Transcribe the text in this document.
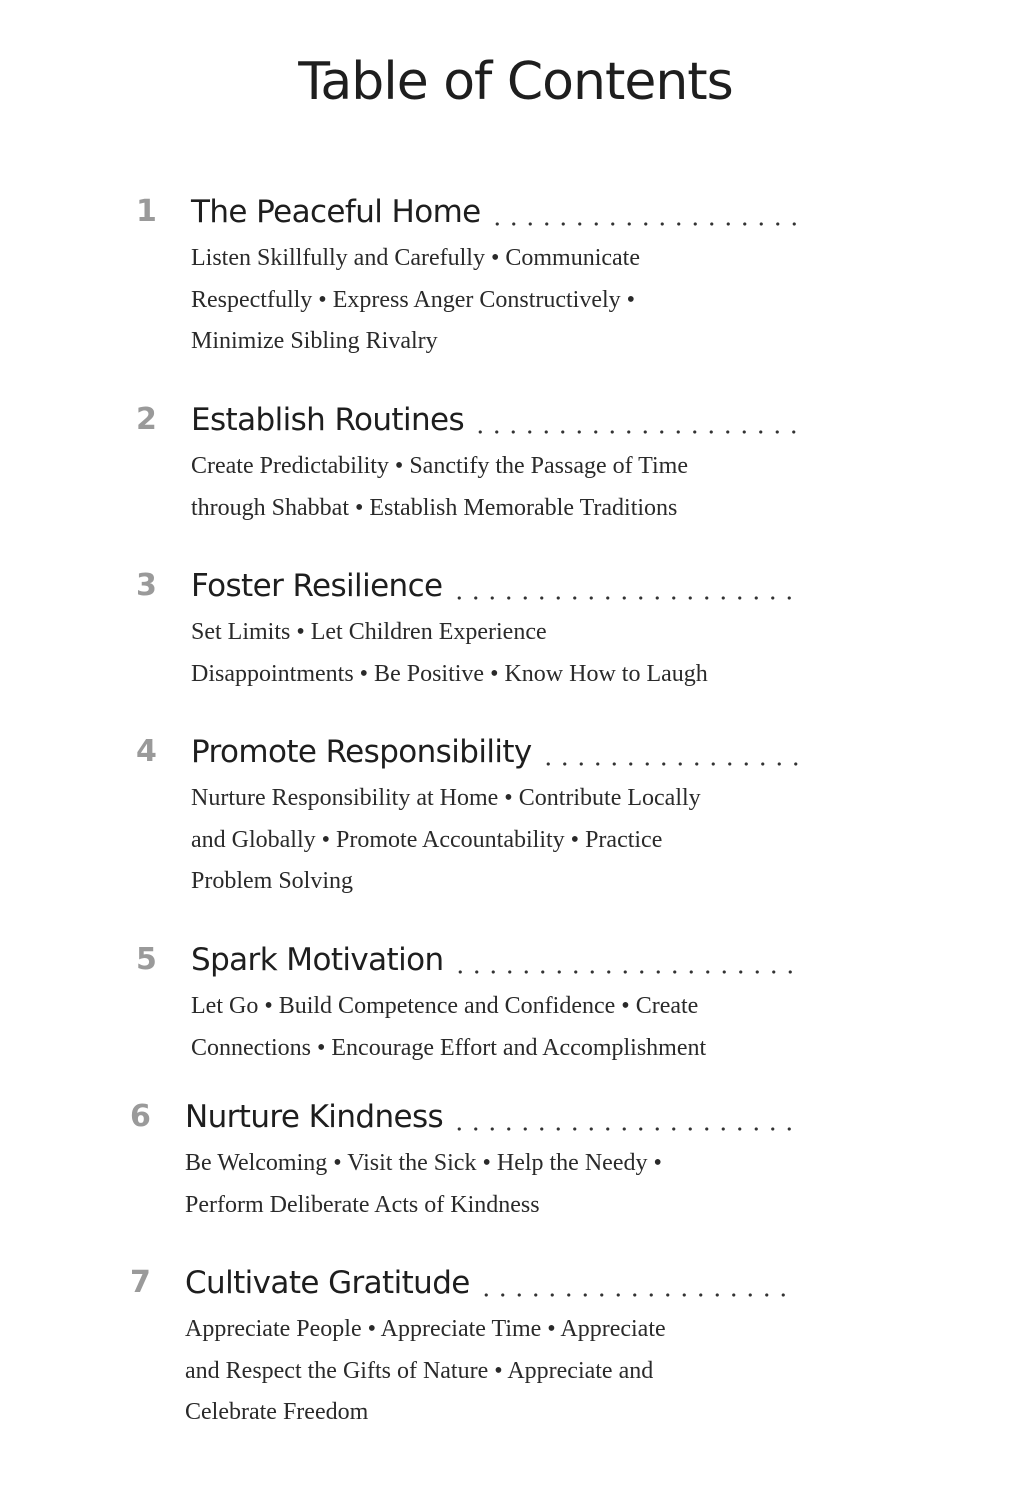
Table of Contents
1 The Peaceful Home
Listen Skillfully and Carefully • Communicate
Respectfully • Express Anger Constructively •
Minimize Sibling Rivalry
2 Establish Routines
Create Predictability • Sanctify the Passage of Time
through Shabbat • Establish Memorable Traditions
3 Foster Resilience
Set Limits • Let Children Experience
Disappointments • Be Positive • Know How to Laugh
4 Promote Responsibility
Nurture Responsibility at Home • Contribute Locally
and Globally • Promote Accountability • Practice
Problem Solving
5 Spark Motivation
Let Go • Build Competence and Confidence • Create
Connections • Encourage Effort and Accomplishment
6 Nurture Kindness
Be Welcoming • Visit the Sick • Help the Needy •
Perform Deliberate Acts of Kindness
7 Cultivate Gratitude
Appreciate People • Appreciate Time • Appreciate
and Respect the Gifts of Nature • Appreciate and
Celebrate Freedom
